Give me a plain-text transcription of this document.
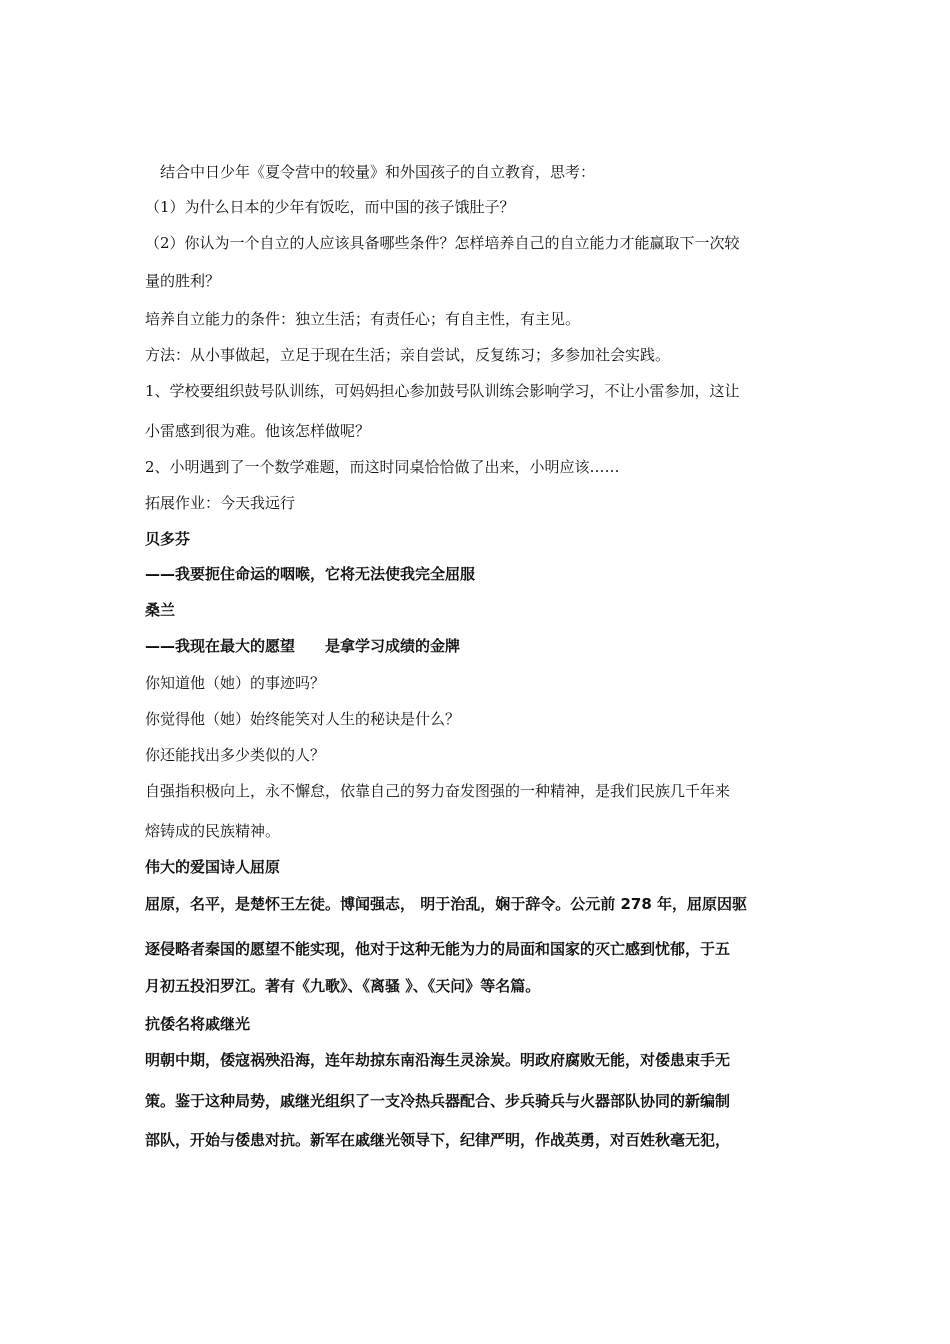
结合中日少年《夏令营中的较量》和外国孩子的自立教育，思考：
（1）为什么日本的少年有饭吃，而中国的孩子饿肚子？
（2）你认为一个自立的人应该具备哪些条件？怎样培养自己的自立能力才能赢取下一次较
量的胜利？
培养自立能力的条件：独立生活；有责任心；有自主性，有主见。
方法：从小事做起，立足于现在生活；亲自尝试，反复练习；多参加社会实践。
1、学校要组织鼓号队训练，可妈妈担心参加鼓号队训练会影响学习，不让小雷参加，这让
小雷感到很为难。他该怎样做呢？
2、小明遇到了一个数学难题，而这时同桌恰恰做了出来，小明应该……
拓展作业：今天我远行
贝多芬
——我要扼住命运的咽喉，它将无法使我完全屈服
桑兰
——我现在最大的愿望 是拿学习成绩的金牌
你知道他（她）的事迹吗？
你觉得他（她）始终能笑对人生的秘诀是什么？
你还能找出多少类似的人？
自强指积极向上，永不懈怠，依靠自己的努力奋发图强的一种精神，是我们民族几千年来
熔铸成的民族精神。
伟大的爱国诗人屈原
屈原，名平，是楚怀王左徒。博闻强志， 明于治乱，娴于辞令。公元前 278 年，屈原因驱
逐侵略者秦国的愿望不能实现，他对于这种无能为力的局面和国家的灭亡感到忧郁，于五
月初五投汨罗江。著有《九歌》、《离骚 》、《天问》等名篇。
抗倭名将戚继光
明朝中期，倭寇祸殃沿海，连年劫掠东南沿海生灵涂炭。明政府腐败无能，对倭患束手无
策。鉴于这种局势，戚继光组织了一支冷热兵器配合、步兵骑兵与火器部队协同的新编制
部队，开始与倭患对抗。新军在戚继光领导下，纪律严明，作战英勇，对百姓秋毫无犯，
